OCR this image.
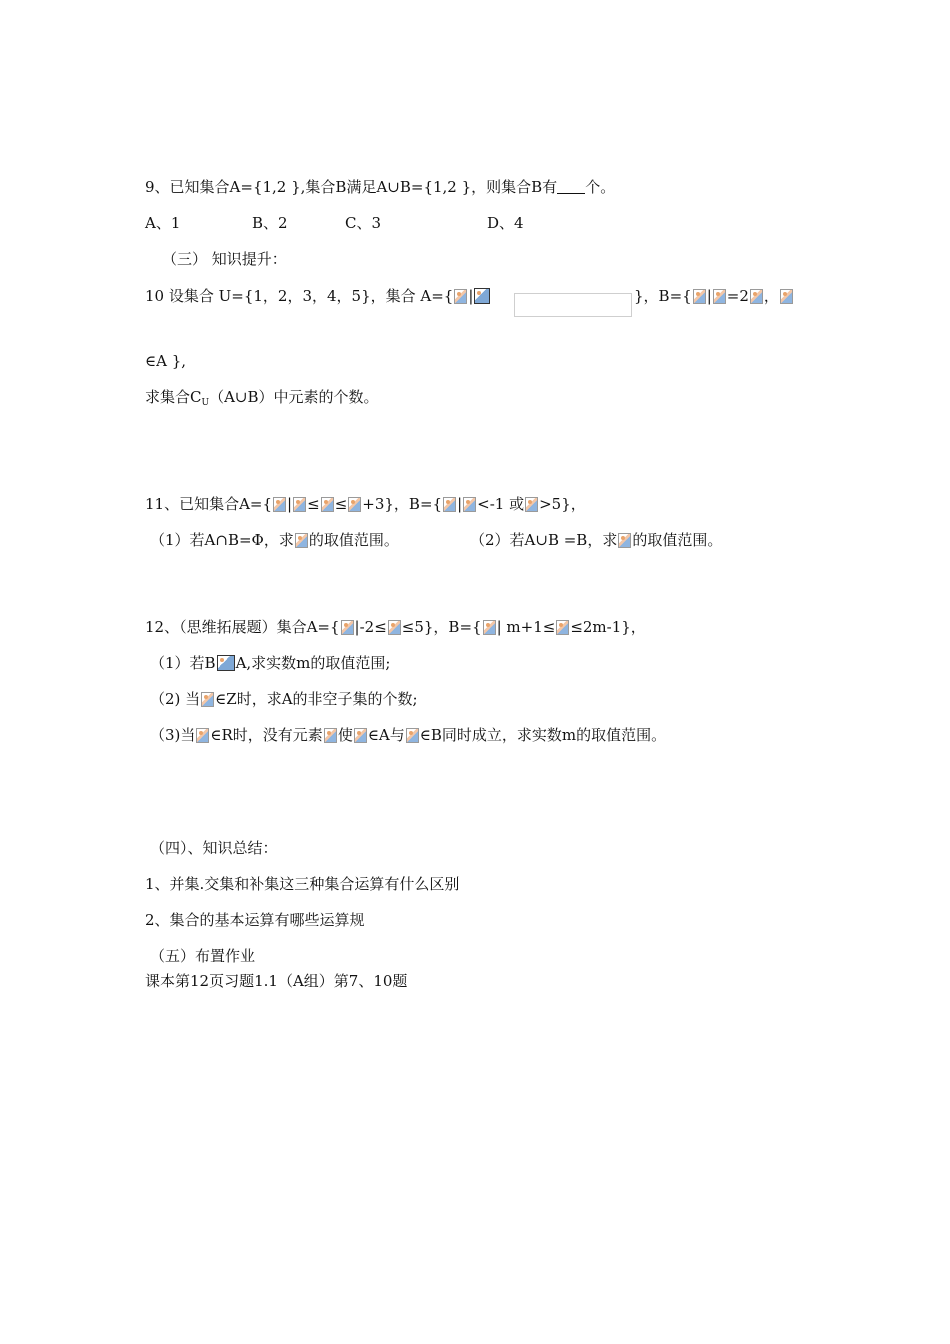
9、已知集合A={1,2 },集合B满足A∪B={1,2 }，则集合B有 个。
A、1	B、2	C、3	D、4
（三） 知识提升：
10 设集合 U={1，2，3，4，5}，集合 A={ |	}，B={ | =2 ，
∈A },
求集合$C_U(A\cup B)$中元素的个数。
11、已知集合A={ | ≤ ≤ +3}，B={ | <-1 或 >5}，
（1）若A∩B=Φ，求 的取值范围。	（2）若A∪B =B，求 的取值范围。
12、（思维拓展题）集合A={ |-2≤ ≤5}，B={ | m+1≤ ≤2m-1}，
（1）若B A,求实数m的取值范围;
（2) 当 ∈Z时，求A的非空子集的个数;
（3)当 ∈R时，没有元素 使 ∈A与 ∈B同时成立，求实数m的取值范围。
（四）、知识总结：
1、并集.交集和补集这三种集合运算有什么区别
2、集合的基本运算有哪些运算规
（五）布置作业
课本第12页习题1.1（A组）第7、10题
